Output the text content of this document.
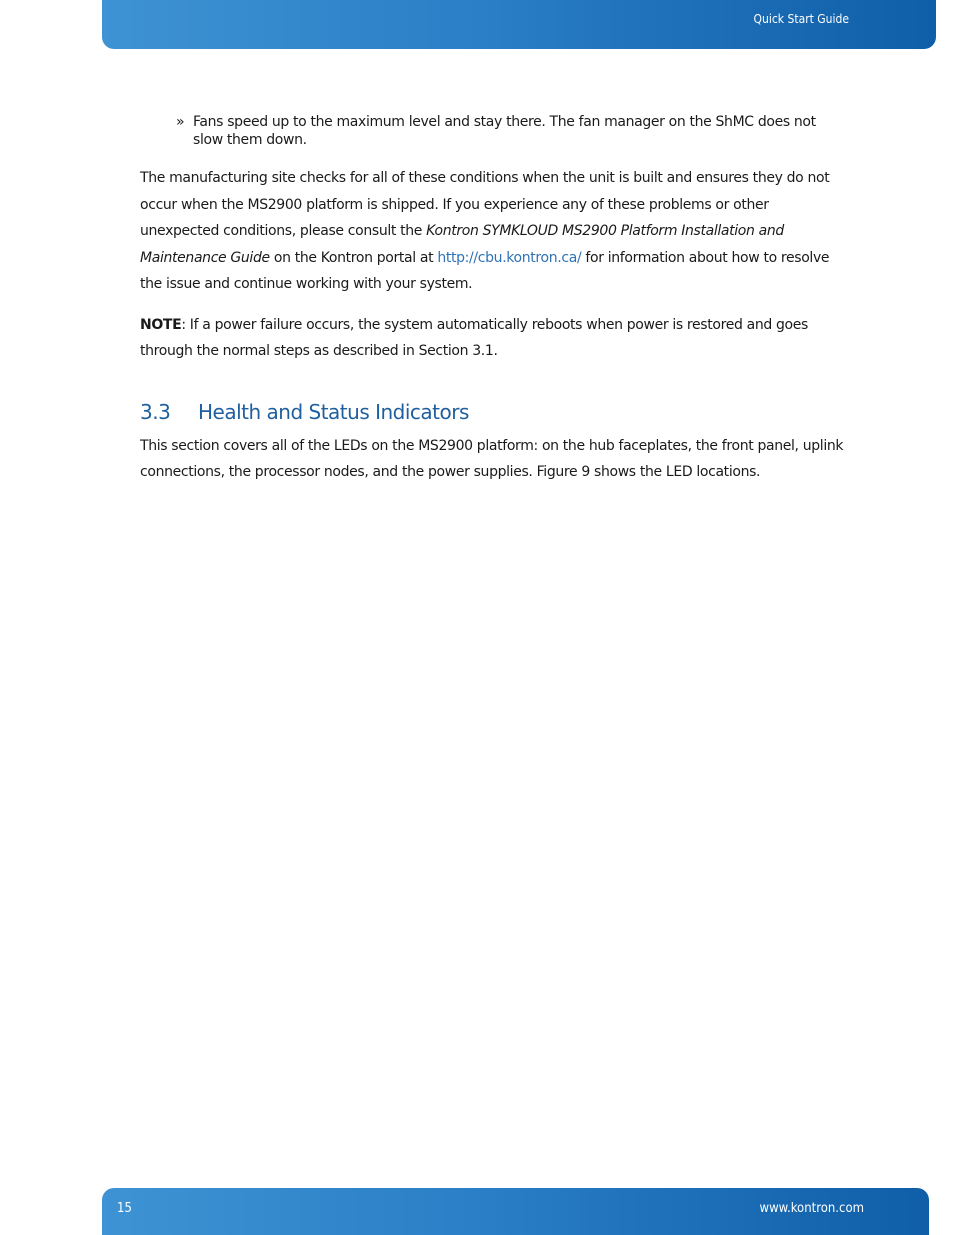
Quick Start Guide
» Fans speed up to the maximum level and stay there. The fan manager on the ShMC does not slow them down.

The manufacturing site checks for all of these conditions when the unit is built and ensures they do not occur when the MS2900 platform is shipped. If you experience any of these problems or other unexpected conditions, please consult the Kontron SYMKLOUD MS2900 Platform Installation and Maintenance Guide on the Kontron portal at http://cbu.kontron.ca/ for information about how to resolve the issue and continue working with your system.

NOTE: If a power failure occurs, the system automatically reboots when power is restored and goes through the normal steps as described in Section 3.1.

3.3 Health and Status Indicators

This section covers all of the LEDs on the MS2900 platform: on the hub faceplates, the front panel, uplink connections, the processor nodes, and the power supplies. Figure 9 shows the LED locations.

15	www.kontron.com
